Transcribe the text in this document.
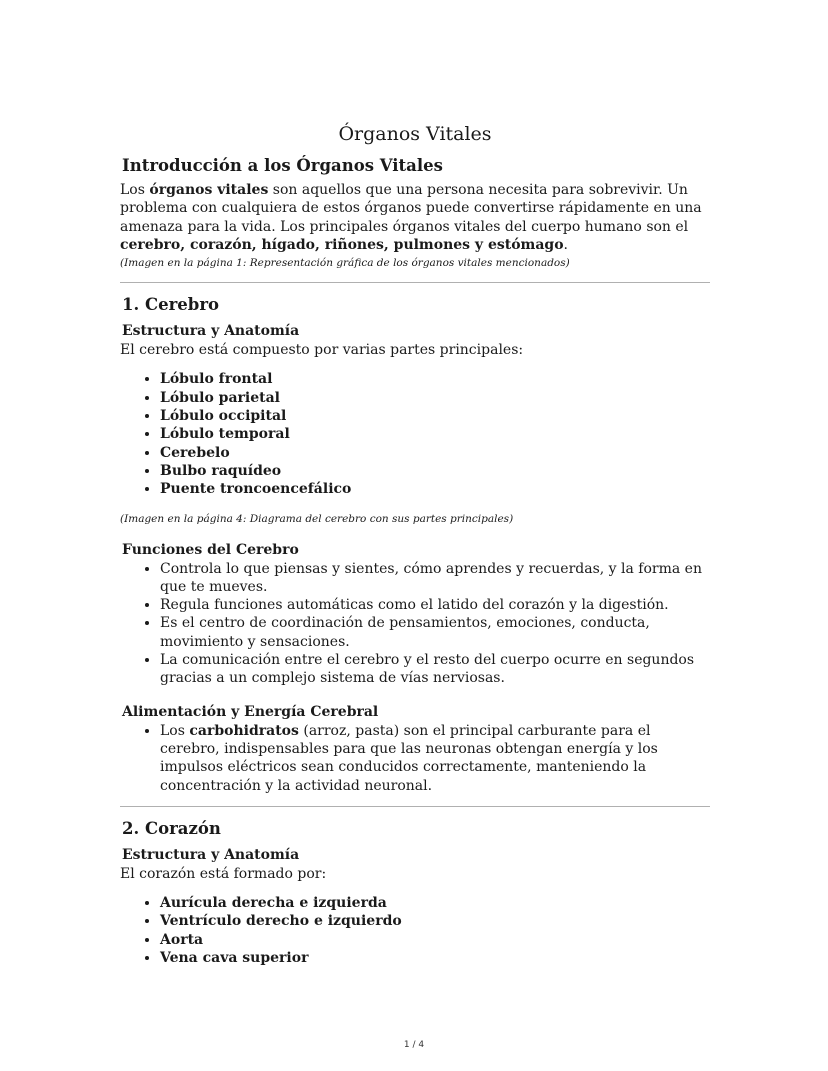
Órganos Vitales
Introducción a los Órganos Vitales

Los órganos vitales son aquellos que una persona necesita para sobrevivir. Un problema con cualquiera de estos órganos puede convertirse rápidamente en una amenaza para la vida. Los principales órganos vitales del cuerpo humano son el cerebro, corazón, hígado, riñones, pulmones y estómago.

(Imagen en la página 1: Representación gráfica de los órganos vitales mencionados)
1. Cerebro
Estructura y Anatomía

El cerebro está compuesto por varias partes principales:

• Lóbulo frontal
• Lóbulo parietal
• Lóbulo occipital
• Lóbulo temporal
• Cerebelo
• Bulbo raquídeo
• Puente troncoencefálico
(Imagen en la página 4: Diagrama del cerebro con sus partes principales)
Funciones del Cerebro
• Controla lo que piensas y sientes, cómo aprendes y recuerdas, y la forma en que te mueves.
• Regula funciones automáticas como el latido del corazón y la digestión.
• Es el centro de coordinación de pensamientos, emociones, conducta, movimiento y sensaciones.
• La comunicación entre el cerebro y el resto del cuerpo ocurre en segundos gracias a un complejo sistema de vías nerviosas.
Alimentación y Energía Cerebral
• Los carbohidratos (arroz, pasta) son el principal carburante para el cerebro, indispensables para que las neuronas obtengan energía y los impulsos eléctricos sean conducidos correctamente, manteniendo la concentración y la actividad neuronal.
2. Corazón
Estructura y Anatomía

El corazón está formado por:

• Aurícula derecha e izquierda
• Ventrículo derecho e izquierdo
• Aorta
• Vena cava superior
1 / 4
